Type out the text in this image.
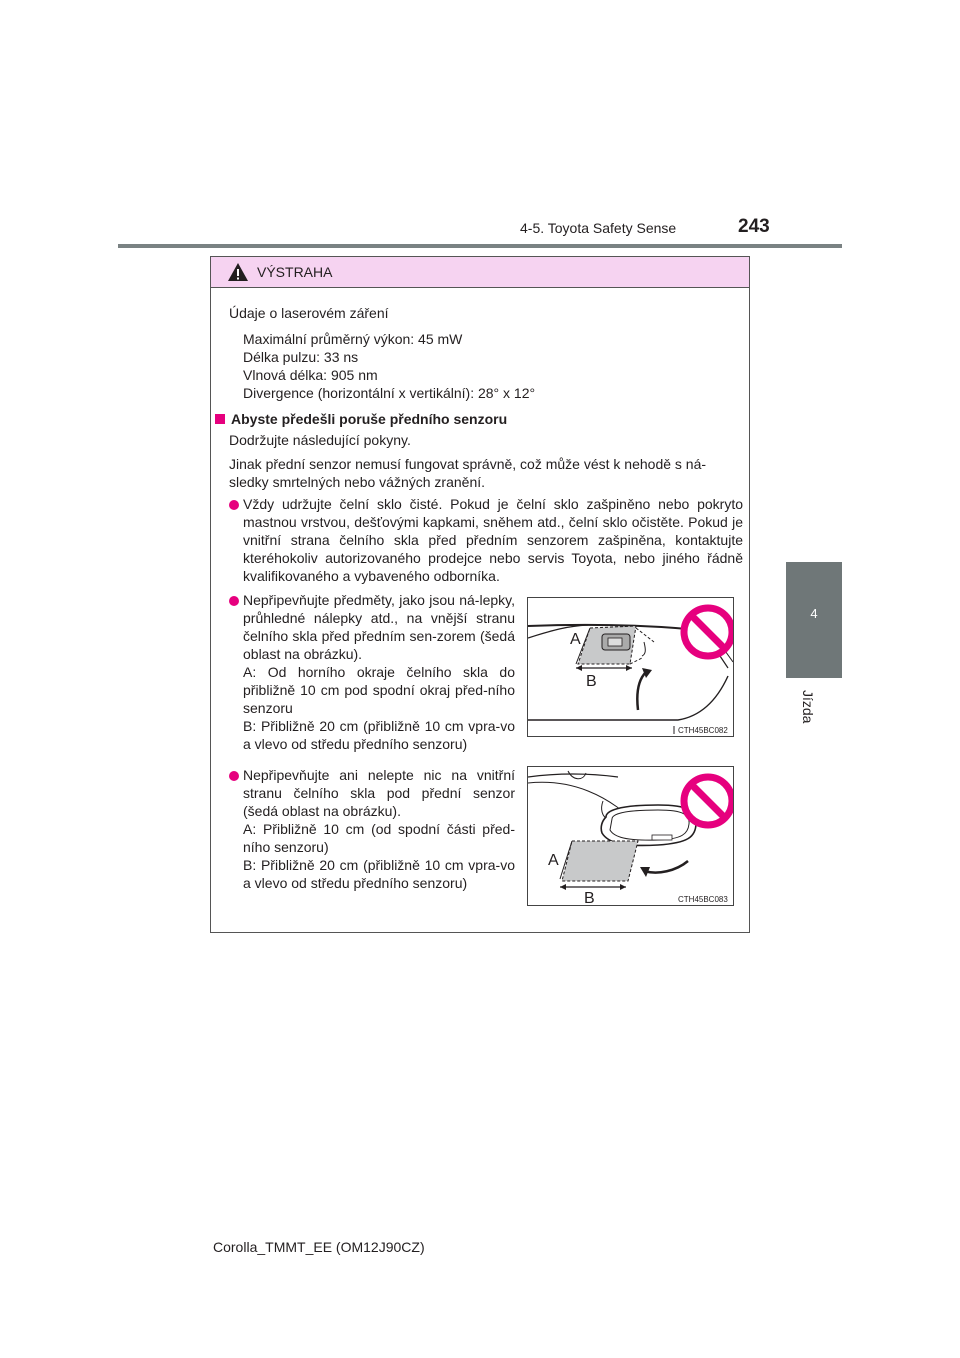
4-5. Toyota Safety Sense	243
4
Jízda
VÝSTRAHA
Údaje o laserovém záření
Maximální průměrný výkon: 45 mW
Délka pulzu: 33 ns
Vlnová délka: 905 nm
Divergence (horizontální x vertikální): 28° x 12°
Abyste předešli poruše předního senzoru
Dodržujte následující pokyny.
Jinak přední senzor nemusí fungovat správně, což může vést k nehodě s ná-sledky smrtelných nebo vážných zranění.
Vždy udržujte čelní sklo čisté. Pokud je čelní sklo zašpiněno nebo pokryto mastnou vrstvou, dešťovými kapkami, sněhem atd., čelní sklo očistěte. Pokud je vnitřní strana čelního skla před předním senzorem zašpiněna, kontaktujte kteréhokoliv autorizovaného prodejce nebo servis Toyota, nebo jiného řádně kvalifikovaného a vybaveného odborníka.
Nepřipevňujte předměty, jako jsou ná-lepky, průhledné nálepky atd., na vnější stranu čelního skla před předním sen-zorem (šedá oblast na obrázku).
A: Od horního okraje čelního skla do přibližně 10 cm pod spodní okraj před-ního senzoru
B: Přibližně 20 cm (přibližně 10 cm vpra-vo a vlevo od středu předního senzoru)
A
B
CTH45BC082
Nepřipevňujte ani nelepte nic na vnitřní stranu čelního skla pod přední senzor (šedá oblast na obrázku).
A: Přibližně 10 cm (od spodní části před-ního senzoru)
B: Přibližně 20 cm (přibližně 10 cm vpra-vo a vlevo od středu předního senzoru)
A
B	CTH45BC083
Corolla_TMMT_EE (OM12J90CZ)
